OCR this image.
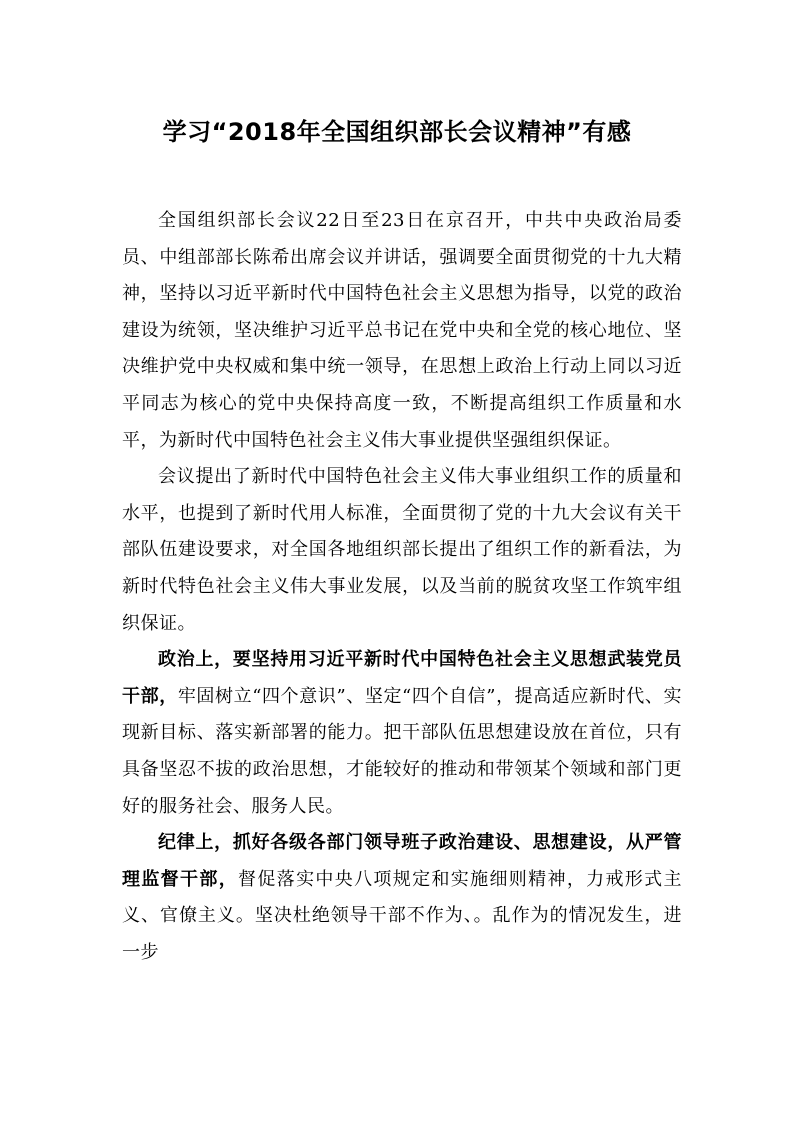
学习“2018年全国组织部长会议精神”有感

全国组织部长会议22日至23日在京召开，中共中央政治局委员、中组部部长陈希出席会议并讲话，强调要全面贯彻党的十九大精神，坚持以习近平新时代中国特色社会主义思想为指导，以党的政治建设为统领，坚决维护习近平总书记在党中央和全党的核心地位、坚决维护党中央权威和集中统一领导，在思想上政治上行动上同以习近平同志为核心的党中央保持高度一致，不断提高组织工作质量和水平，为新时代中国特色社会主义伟大事业提供坚强组织保证。

会议提出了新时代中国特色社会主义伟大事业组织工作的质量和水平，也提到了新时代用人标准，全面贯彻了党的十九大会议有关干部队伍建设要求，对全国各地组织部长提出了组织工作的新看法，为新时代特色社会主义伟大事业发展，以及当前的脱贫攻坚工作筑牢组织保证。

政治上，要坚持用习近平新时代中国特色社会主义思想武装党员干部，牢固树立“四个意识”、坚定“四个自信”，提高适应新时代、实现新目标、落实新部署的能力。把干部队伍思想建设放在首位，只有具备坚忍不拔的政治思想，才能较好的推动和带领某个领域和部门更好的服务社会、服务人民。

纪律上，抓好各级各部门领导班子政治建设、思想建设，从严管理监督干部，督促落实中央八项规定和实施细则精神，力戒形式主义、官僚主义。坚决杜绝领导干部不作为、。乱作为的情况发生，进一步
